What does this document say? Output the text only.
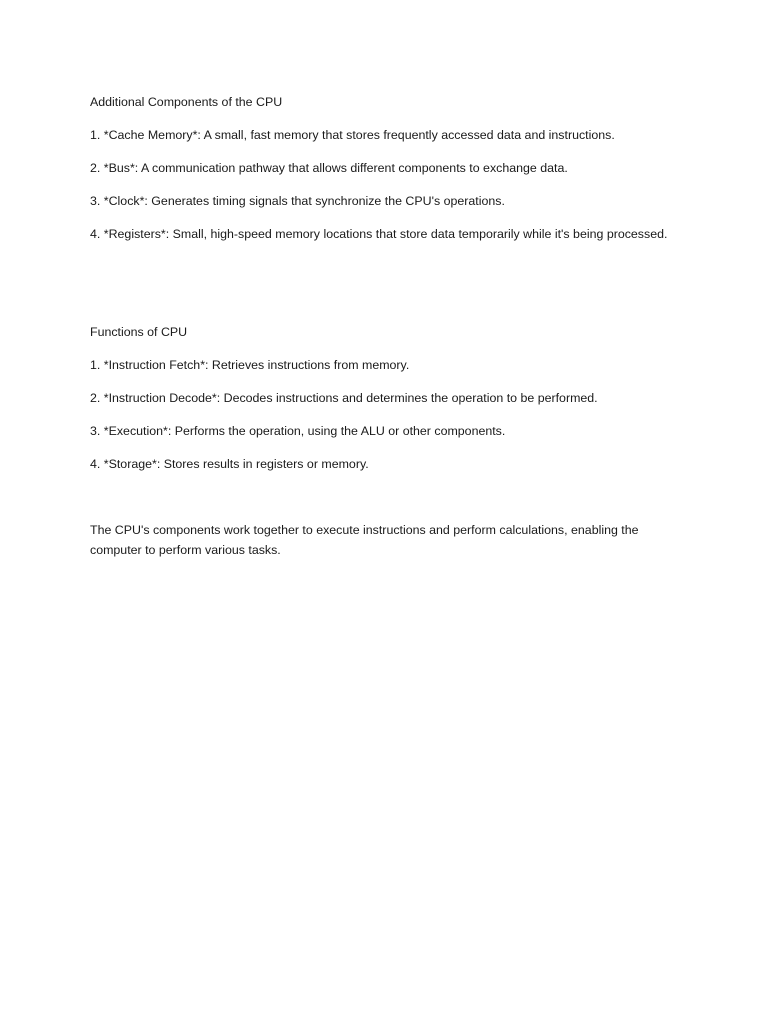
Additional Components of the CPU

1. *Cache Memory*: A small, fast memory that stores frequently accessed data and instructions.

2. *Bus*: A communication pathway that allows different components to exchange data.

3. *Clock*: Generates timing signals that synchronize the CPU's operations.

4. *Registers*: Small, high-speed memory locations that store data temporarily while it's being processed.

Functions of CPU

1. *Instruction Fetch*: Retrieves instructions from memory.

2. *Instruction Decode*: Decodes instructions and determines the operation to be performed.

3. *Execution*: Performs the operation, using the ALU or other components.

4. *Storage*: Stores results in registers or memory.

The CPU's components work together to execute instructions and perform calculations, enabling the computer to perform various tasks.
